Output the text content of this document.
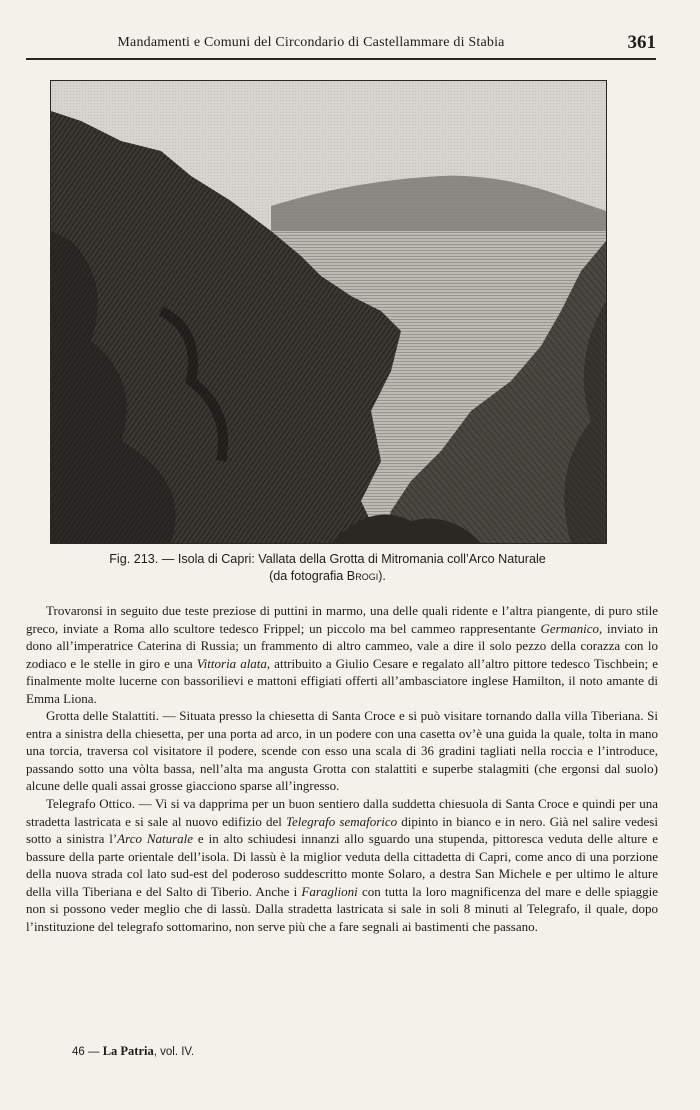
Mandamenti e Comuni del Circondario di Castellammare di Stabia	361
Fig. 213. — Isola di Capri: Vallata della Grotta di Mitromania coll’Arco Naturale
(da fotografia Brogi).

Trovaronsi in seguito due teste preziose di puttini in marmo, una delle quali ridente e l’altra piangente, di puro stile greco, inviate a Roma allo scultore tedesco Frippel; un piccolo ma bel cammeo rappresentante Germanico, inviato in dono all’imperatrice Caterina di Russia; un frammento di altro cammeo, vale a dire il solo pezzo della corazza con lo zodiaco e le stelle in giro e una Vittoria alata, attribuito a Giulio Cesare e regalato all’altro pittore tedesco Tischbein; e finalmente molte lucerne con bassorilievi e mattoni effigiati offerti all’ambasciatore inglese Hamilton, il noto amante di Emma Liona.

Grotta delle Stalattiti. — Situata presso la chiesetta di Santa Croce e si può visitare tornando dalla villa Tiberiana. Si entra a sinistra della chiesetta, per una porta ad arco, in un podere con una casetta ov’è una guida la quale, tolta in mano una torcia, traversa col visitatore il podere, scende con esso una scala di 36 gradini tagliati nella roccia e l’introduce, passando sotto una vòlta bassa, nell’alta ma angusta Grotta con stalattiti e superbe stalagmiti (che ergonsi dal suolo) alcune delle quali assai grosse giacciono sparse all’ingresso.

Telegrafo Ottico. — Vi si va dapprima per un buon sentiero dalla suddetta chiesuola di Santa Croce e quindi per una stradetta lastricata e si sale al nuovo edifizio del Telegrafo semaforico dipinto in bianco e in nero. Già nel salire vedesi sotto a sinistra l’Arco Naturale e in alto schiudesi innanzi allo sguardo una stupenda, pittoresca veduta delle alture e bassure della parte orientale dell’isola. Di lassù è la miglior veduta della cittadetta di Capri, come anco di una porzione della nuova strada col lato sud-est del poderoso suddescritto monte Solaro, a destra San Michele e per ultimo le alture della villa Tiberiana e del Salto di Tiberio. Anche i Faraglioni con tutta la loro magnificenza del mare e delle spiaggie non si possono veder meglio che di lassù. Dalla stradetta lastricata si sale in soli 8 minuti al Telegrafo, il quale, dopo l’instituzione del telegrafo sottomarino, non serve più che a fare segnali ai bastimenti che passano.

46 — La Patria, vol. IV.
